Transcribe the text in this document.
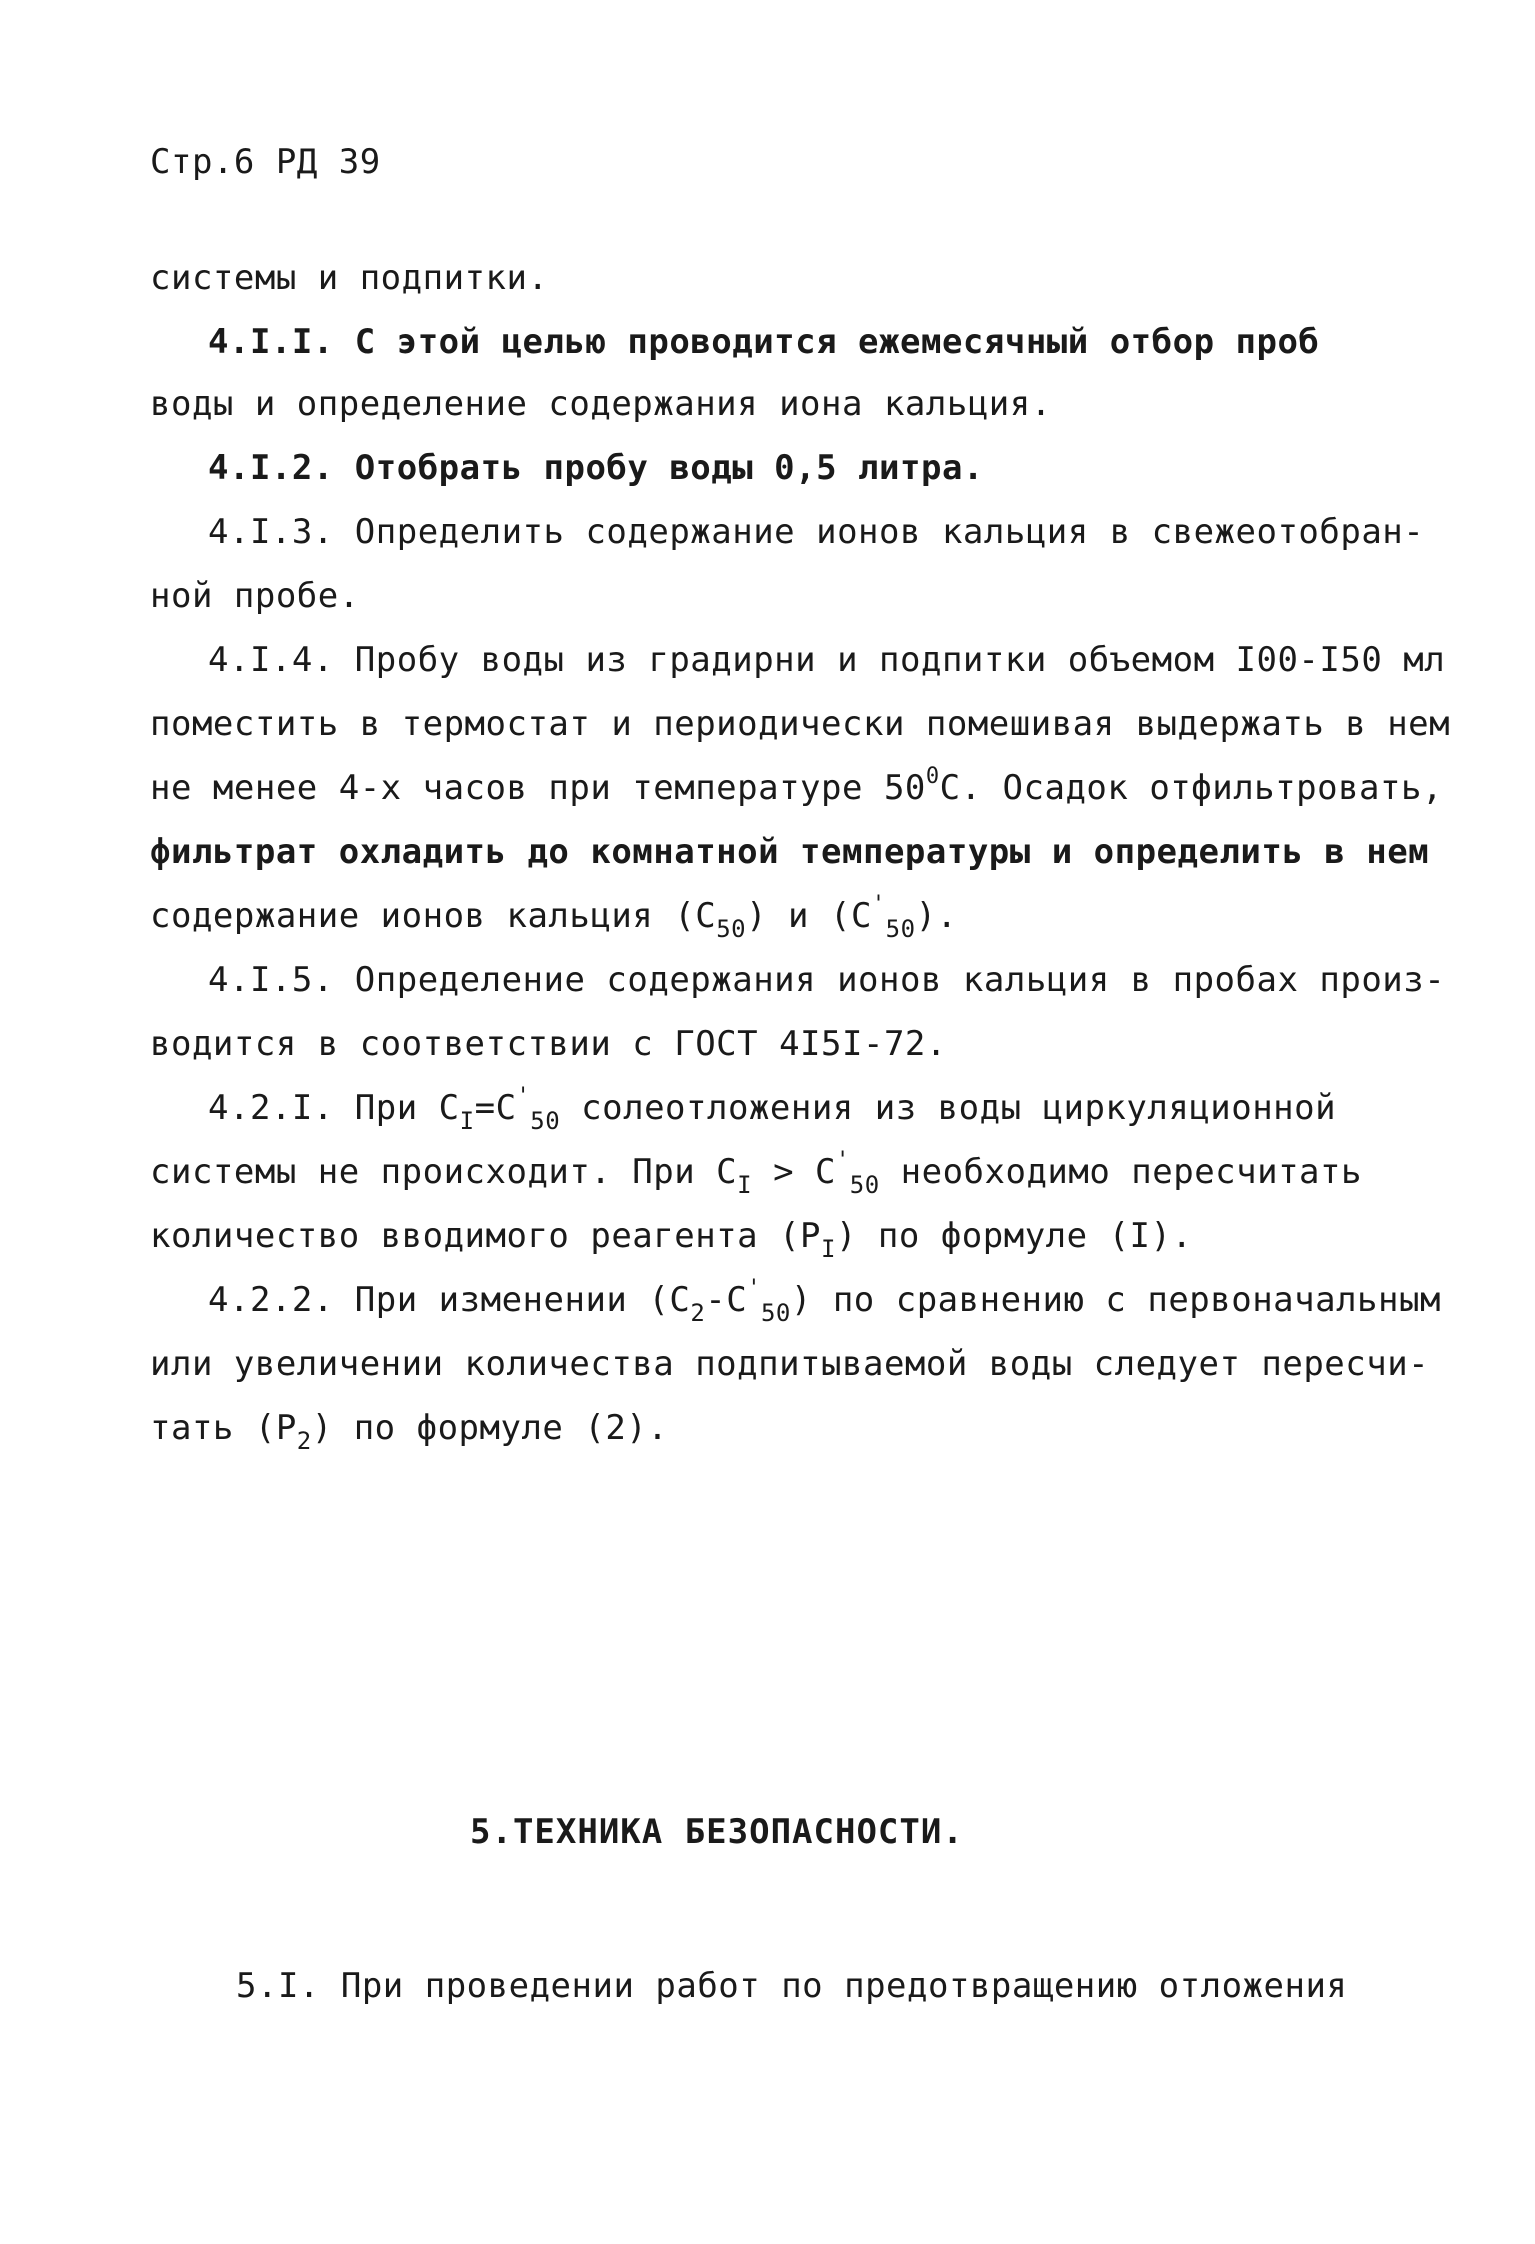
Стр.6 РД 39
системы и подпитки.
4.I.I. С этой целью проводится ежемесячный отбор проб
воды и определение содержания иона кальция.
4.I.2. Отобрать пробу воды 0,5 литра.
4.I.3. Определить содержание ионов кальция в свежеотобран-
ной пробе.
4.I.4. Пробу воды из градирни и подпитки объемом I00-I50 мл
поместить в термостат и периодически помешивая выдержать в нем
не менее 4-х часов при температуре $50^0С$. Осадок отфильтровать,
фильтрат охладить до комнатной температуры и определить в нем
содержание ионов кальция $(С_{50})$ и $(С'_{50})$.
4.I.5. Определение содержания ионов кальция в пробах произ-
водится в соответствии с ГОСТ 4I5I-72.
4.2.I. При $С_I=С'_{50}$ солеотложения из воды циркуляционной
системы не происходит. При $С_I > С'_{50}$ необходимо пересчитать
количество вводимого реагента $(Р_I)$ по формуле (I).
4.2.2. При изменении $(С_2-С'_{50})$ по сравнению с первоначальным
или увеличении количества подпитываемой воды следует пересчи-
тать $(Р_2)$ по формуле (2).
5.ТЕХНИКА БЕЗОПАСНОСТИ.
5.I. При проведении работ по предотвращению отложения
